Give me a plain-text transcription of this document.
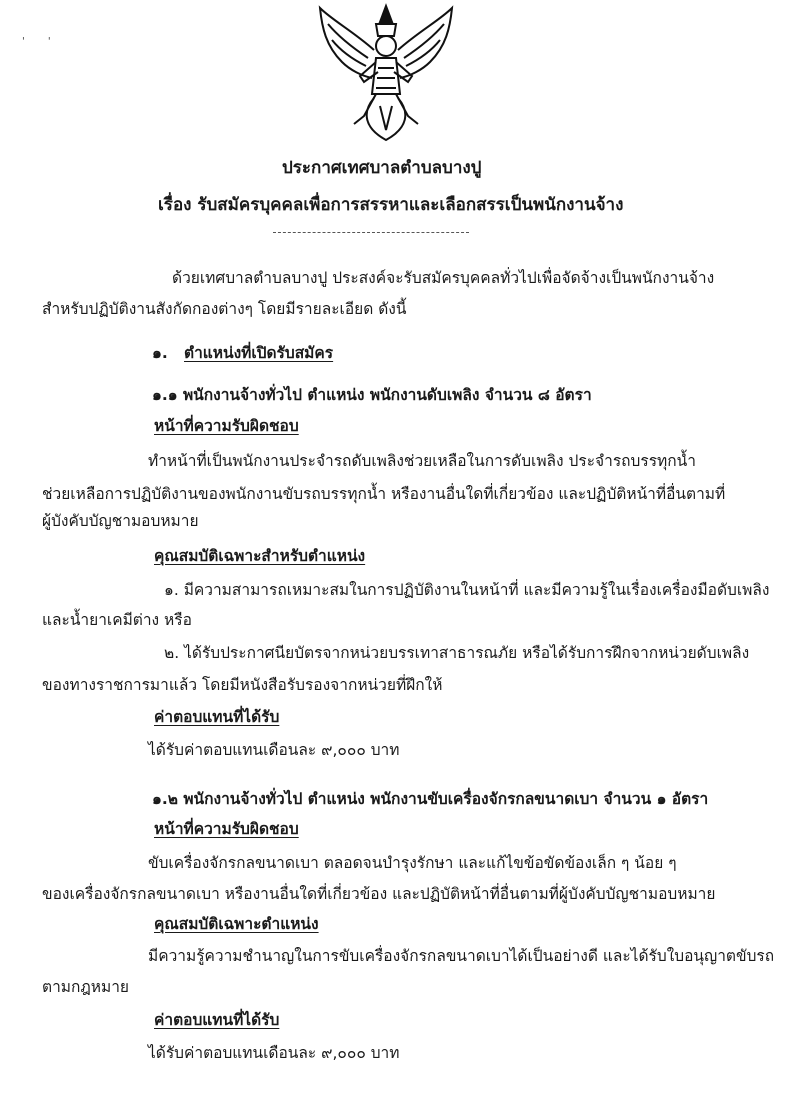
' '
ประกาศเทศบาลตำบลบางปู
เรื่อง รับสมัครบุคคลเพื่อการสรรหาและเลือกสรรเป็นพนักงานจ้าง
ด้วยเทศบาลตำบลบางปู ประสงค์จะรับสมัครบุคคลทั่วไปเพื่อจัดจ้างเป็นพนักงานจ้าง
สำหรับปฏิบัติงานสังกัดกองต่างๆ โดยมีรายละเอียด ดังนี้
๑. ตำแหน่งที่เปิดรับสมัคร
๑.๑ พนักงานจ้างทั่วไป ตำแหน่ง พนักงานดับเพลิง จำนวน ๘ อัตรา
หน้าที่ความรับผิดชอบ
ทำหน้าที่เป็นพนักงานประจำรถดับเพลิงช่วยเหลือในการดับเพลิง ประจำรถบรรทุกน้ำ
ช่วยเหลือการปฏิบัติงานของพนักงานขับรถบรรทุกน้ำ หรืองานอื่นใดที่เกี่ยวข้อง และปฏิบัติหน้าที่อื่นตามที่
ผู้บังคับบัญชามอบหมาย
คุณสมบัติเฉพาะสำหรับตำแหน่ง
๑. มีความสามารถเหมาะสมในการปฏิบัติงานในหน้าที่ และมีความรู้ในเรื่องเครื่องมือดับเพลิง
และน้ำยาเคมีต่าง หรือ
๒. ได้รับประกาศนียบัตรจากหน่วยบรรเทาสาธารณภัย หรือได้รับการฝึกจากหน่วยดับเพลิง
ของทางราชการมาแล้ว โดยมีหนังสือรับรองจากหน่วยที่ฝึกให้
ค่าตอบแทนที่ได้รับ
ได้รับค่าตอบแทนเดือนละ ๙,๐๐๐ บาท
๑.๒ พนักงานจ้างทั่วไป ตำแหน่ง พนักงานขับเครื่องจักรกลขนาดเบา จำนวน ๑ อัตรา
หน้าที่ความรับผิดชอบ
ขับเครื่องจักรกลขนาดเบา ตลอดจนบำรุงรักษา และแก้ไขข้อขัดข้องเล็ก ๆ น้อย ๆ
ของเครื่องจักรกลขนาดเบา หรืองานอื่นใดที่เกี่ยวข้อง และปฏิบัติหน้าที่อื่นตามที่ผู้บังคับบัญชามอบหมาย
คุณสมบัติเฉพาะตำแหน่ง
มีความรู้ความชำนาญในการขับเครื่องจักรกลขนาดเบาได้เป็นอย่างดี และได้รับใบอนุญาตขับรถ
ตามกฎหมาย
ค่าตอบแทนที่ได้รับ
ได้รับค่าตอบแทนเดือนละ ๙,๐๐๐ บาท
